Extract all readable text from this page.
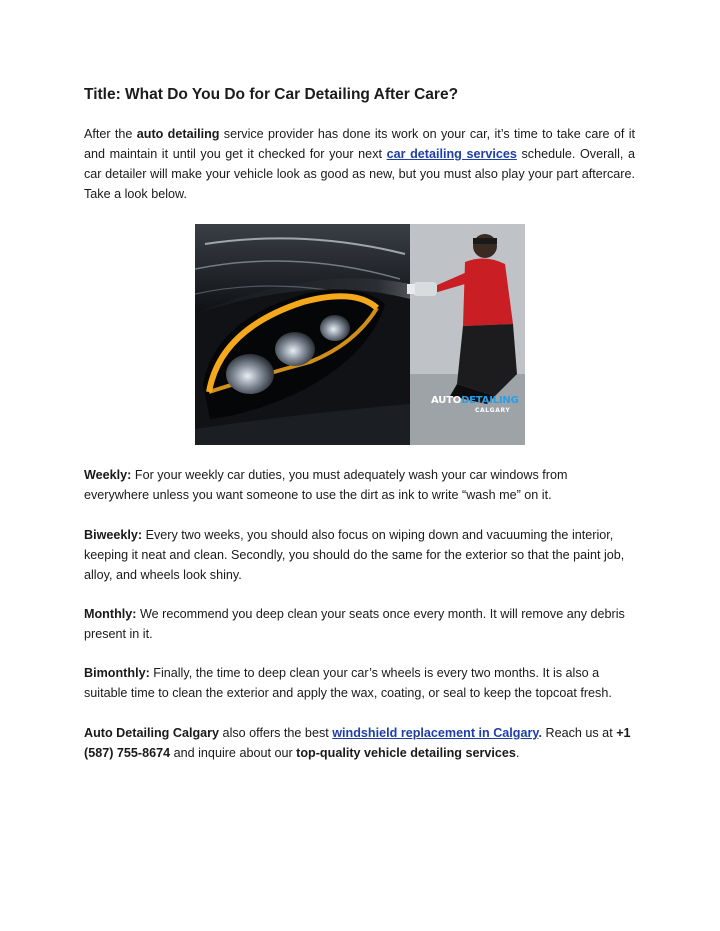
Title: What Do You Do for Car Detailing After Care?

After the auto detailing service provider has done its work on your car, it’s time to take care of it and maintain it until you get it checked for your next car detailing services schedule. Overall, a car detailer will make your vehicle look as good as new, but you must also play your part aftercare. Take a look below.

AUTODETAILING
CALGARY

Weekly: For your weekly car duties, you must adequately wash your car windows from everywhere unless you want someone to use the dirt as ink to write “wash me” on it.

Biweekly: Every two weeks, you should also focus on wiping down and vacuuming the interior, keeping it neat and clean. Secondly, you should do the same for the exterior so that the paint job, alloy, and wheels look shiny.

Monthly: We recommend you deep clean your seats once every month. It will remove any debris present in it.

Bimonthly: Finally, the time to deep clean your car’s wheels is every two months. It is also a suitable time to clean the exterior and apply the wax, coating, or seal to keep the topcoat fresh.

Auto Detailing Calgary also offers the best windshield replacement in Calgary. Reach us at +1 (587) 755-8674 and inquire about our top-quality vehicle detailing services.
